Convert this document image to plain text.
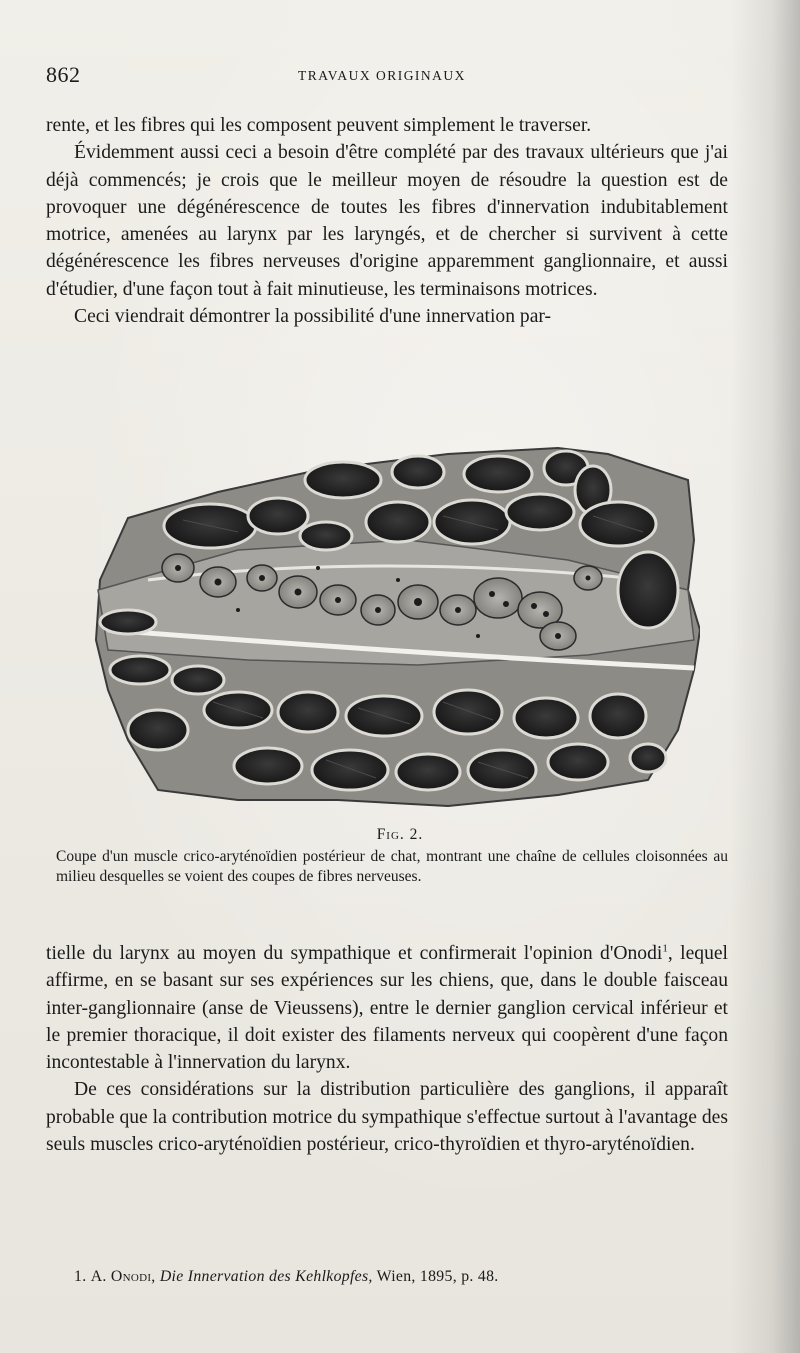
862	TRAVAUX ORIGINAUX

rente, et les fibres qui les composent peuvent simplement le traverser.

Évidemment aussi ceci a besoin d'être complété par des travaux ultérieurs que j'ai déjà commencés; je crois que le meilleur moyen de résoudre la question est de provoquer une dégénérescence de toutes les fibres d'innervation indubitablement motrice, amenées au larynx par les laryngés, et de chercher si survivent à cette dégénérescence les fibres nerveuses d'origine apparemment ganglionnaire, et aussi d'étudier, d'une façon tout à fait minutieuse, les terminaisons motrices.

Ceci viendrait démontrer la possibilité d'une innervation par-

Fig. 2.
Coupe d'un muscle crico-aryténoïdien postérieur de chat, montrant une chaîne de cellules cloisonnées au milieu desquelles se voient des coupes de fibres nerveuses.

tielle du larynx au moyen du sympathique et confirmerait l'opinion d'Onodi$^1$, lequel affirme, en se basant sur ses expériences sur les chiens, que, dans le double faisceau inter-ganglionnaire (anse de Vieussens), entre le dernier ganglion cervical inférieur et le premier thoracique, il doit exister des filaments nerveux qui coopèrent d'une façon incontestable à l'innervation du larynx.

De ces considérations sur la distribution particulière des ganglions, il apparaît probable que la contribution motrice du sympathique s'effectue surtout à l'avantage des seuls muscles crico-aryténoïdien postérieur, crico-thyroïdien et thyro-aryténoïdien.

1. A. Onodi, Die Innervation des Kehlkopfes, Wien, 1895, p. 48.
